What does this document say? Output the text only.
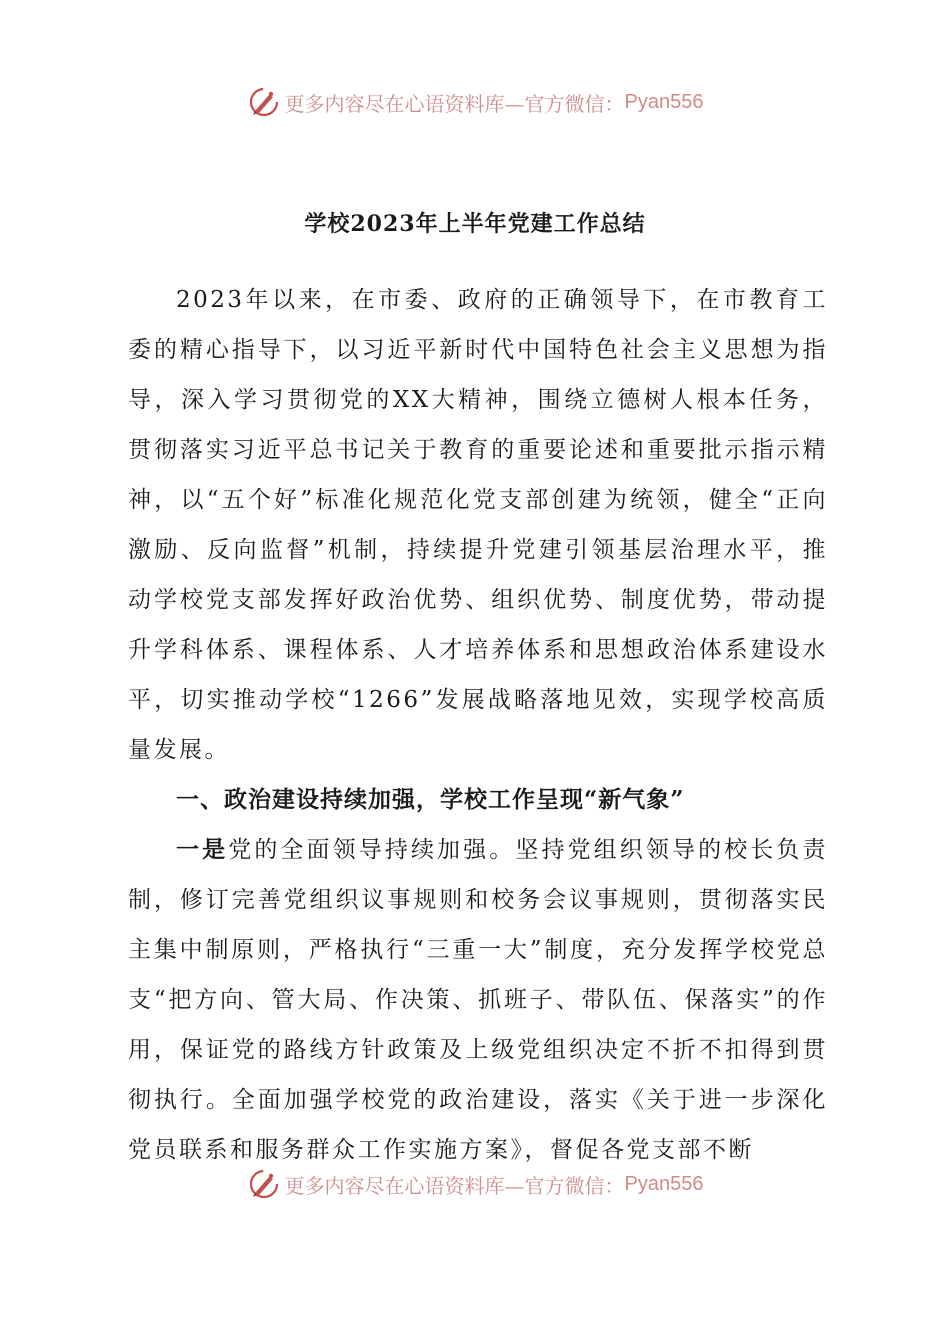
更多内容尽在心语资料库—官方微信： Pyan556
学校2023年上半年党建工作总结

2023年以来，在市委、政府的正确领导下，在市教育工委的精心指导下，以习近平新时代中国特色社会主义思想为指导，深入学习贯彻党的XX大精神，围绕立德树人根本任务，贯彻落实习近平总书记关于教育的重要论述和重要批示指示精神，以“五个好”标准化规范化党支部创建为统领，健全“正向激励、反向监督”机制，持续提升党建引领基层治理水平，推动学校党支部发挥好政治优势、组织优势、制度优势，带动提升学科体系、课程体系、人才培养体系和思想政治体系建设水平，切实推动学校“1266”发展战略落地见效，实现学校高质量发展。

一、政治建设持续加强，学校工作呈现“新气象”

一是党的全面领导持续加强。坚持党组织领导的校长负责制，修订完善党组织议事规则和校务会议事规则，贯彻落实民主集中制原则，严格执行“三重一大”制度，充分发挥学校党总支“把方向、管大局、作决策、抓班子、带队伍、保落实”的作用，保证党的路线方针政策及上级党组织决定不折不扣得到贯彻执行。全面加强学校党的政治建设，落实《关于进一步深化党员联系和服务群众工作实施方案》，督促各党支部不断

更多内容尽在心语资料库—官方微信： Pyan556
